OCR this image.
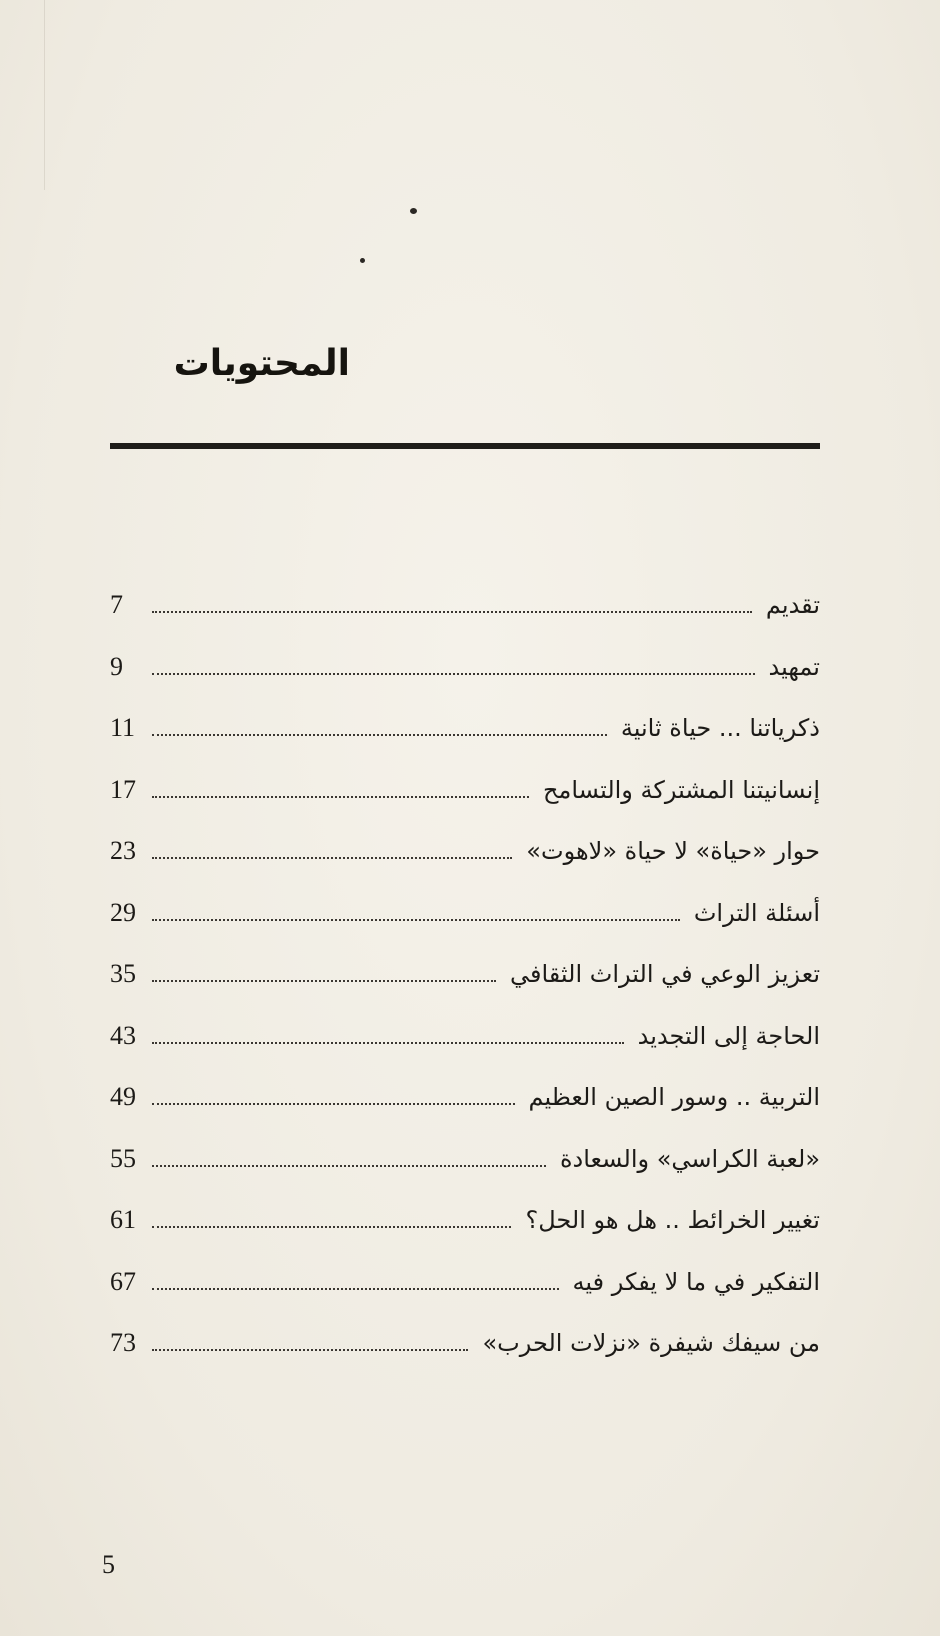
المحتويات
7	تقديم
9	تمهيد
11	ذكرياتنا ... حياة ثانية
17	إنسانيتنا المشتركة والتسامح
23	حوار «حياة» لا حياة «لاهوت»
29	أسئلة التراث
35	تعزيز الوعي في التراث الثقافي
43	الحاجة إلى التجديد
49	التربية .. وسور الصين العظيم
55	«لعبة الكراسي» والسعادة
61	تغيير الخرائط .. هل هو الحل؟
67	التفكير في ما لا يفكر فيه
73	من سيفك شيفرة «نزلات الحرب»
5
